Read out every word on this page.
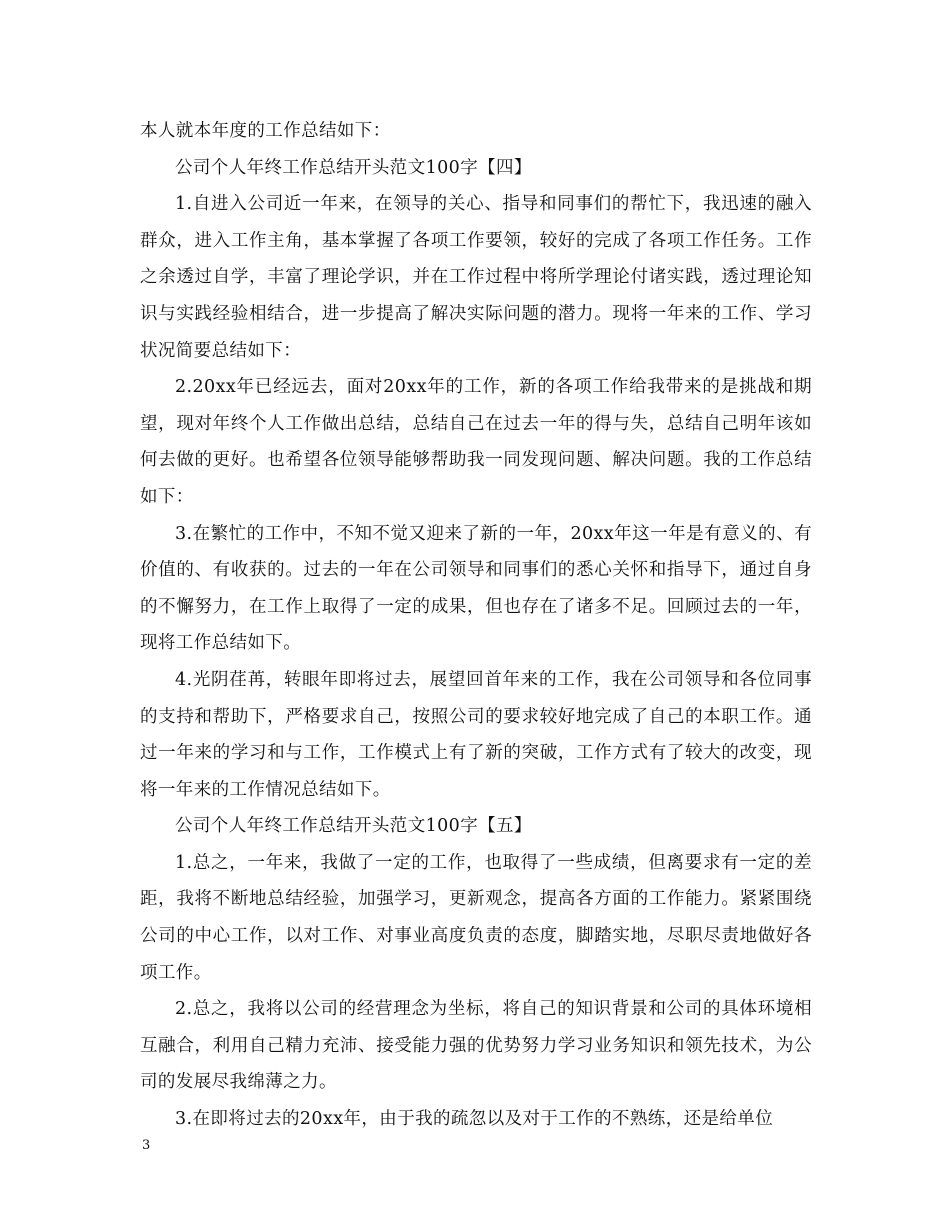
本人就本年度的工作总结如下：

公司个人年终工作总结开头范文100字【四】

1.自进入公司近一年来，在领导的关心、指导和同事们的帮忙下，我迅速的融入群众，进入工作主角，基本掌握了各项工作要领，较好的完成了各项工作任务。工作之余透过自学，丰富了理论学识，并在工作过程中将所学理论付诸实践，透过理论知识与实践经验相结合，进一步提高了解决实际问题的潜力。现将一年来的工作、学习状况简要总结如下：

2.20xx年已经远去，面对20xx年的工作，新的各项工作给我带来的是挑战和期望，现对年终个人工作做出总结，总结自己在过去一年的得与失，总结自己明年该如何去做的更好。也希望各位领导能够帮助我一同发现问题、解决问题。我的工作总结如下：

3.在繁忙的工作中，不知不觉又迎来了新的一年，20xx年这一年是有意义的、有价值的、有收获的。过去的一年在公司领导和同事们的悉心关怀和指导下，通过自身的不懈努力，在工作上取得了一定的成果，但也存在了诸多不足。回顾过去的一年，现将工作总结如下。

4.光阴荏苒，转眼年即将过去，展望回首年来的工作，我在公司领导和各位同事的支持和帮助下，严格要求自己，按照公司的要求较好地完成了自己的本职工作。通过一年来的学习和与工作，工作模式上有了新的突破，工作方式有了较大的改变，现将一年来的工作情况总结如下。

公司个人年终工作总结开头范文100字【五】

1.总之，一年来，我做了一定的工作，也取得了一些成绩，但离要求有一定的差距，我将不断地总结经验，加强学习，更新观念，提高各方面的工作能力。紧紧围绕公司的中心工作，以对工作、对事业高度负责的态度，脚踏实地，尽职尽责地做好各项工作。

2.总之，我将以公司的经营理念为坐标，将自己的知识背景和公司的具体环境相互融合，利用自己精力充沛、接受能力强的优势努力学习业务知识和领先技术，为公司的发展尽我绵薄之力。

3.在即将过去的20xx年，由于我的疏忽以及对于工作的不熟练，还是给单位

3
